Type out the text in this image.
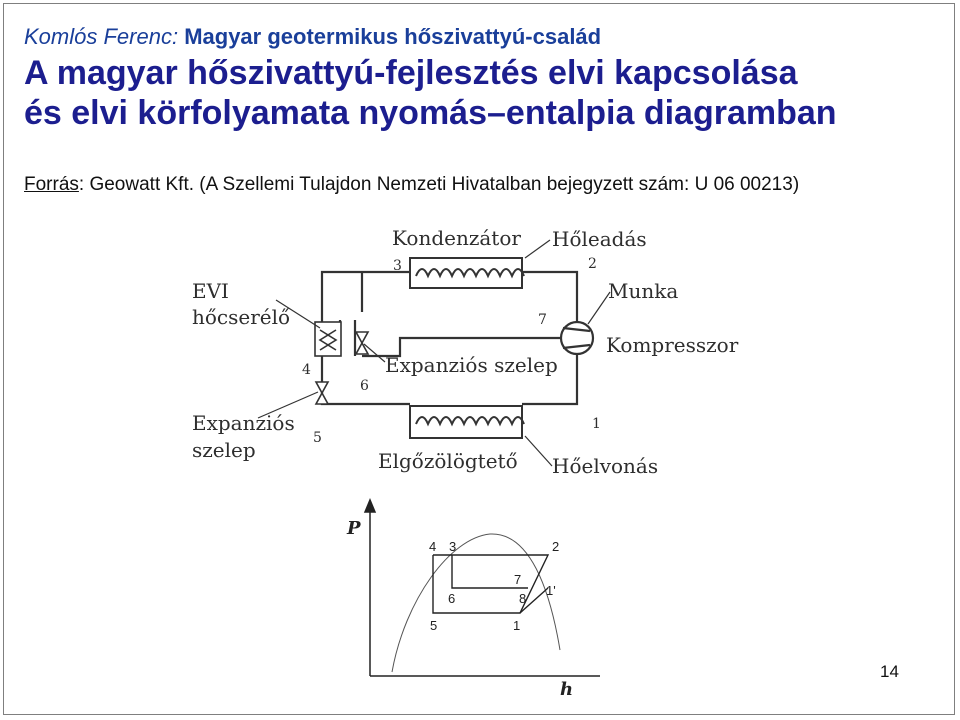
Komlós Ferenc: Magyar geotermikus hőszivattyú-család
A magyar hőszivattyú-fejlesztés elvi kapcsolása
és elvi körfolyamata nyomás–entalpia diagramban
Forrás: Geowatt Kft. (A Szellemi Tulajdon Nemzeti Hivatalban bejegyzett szám: U 06 00213)
Kondenzátor Hőleadás
Munka
Kompresszor
EVI
hőcserélő
Expanziós szelep
Expanziós
szelep	Elgőzölögtető Hőelvonás
3	2
7
4
6
5
1
P
h
4 3	2
7
1'
6	8
5	1
14
